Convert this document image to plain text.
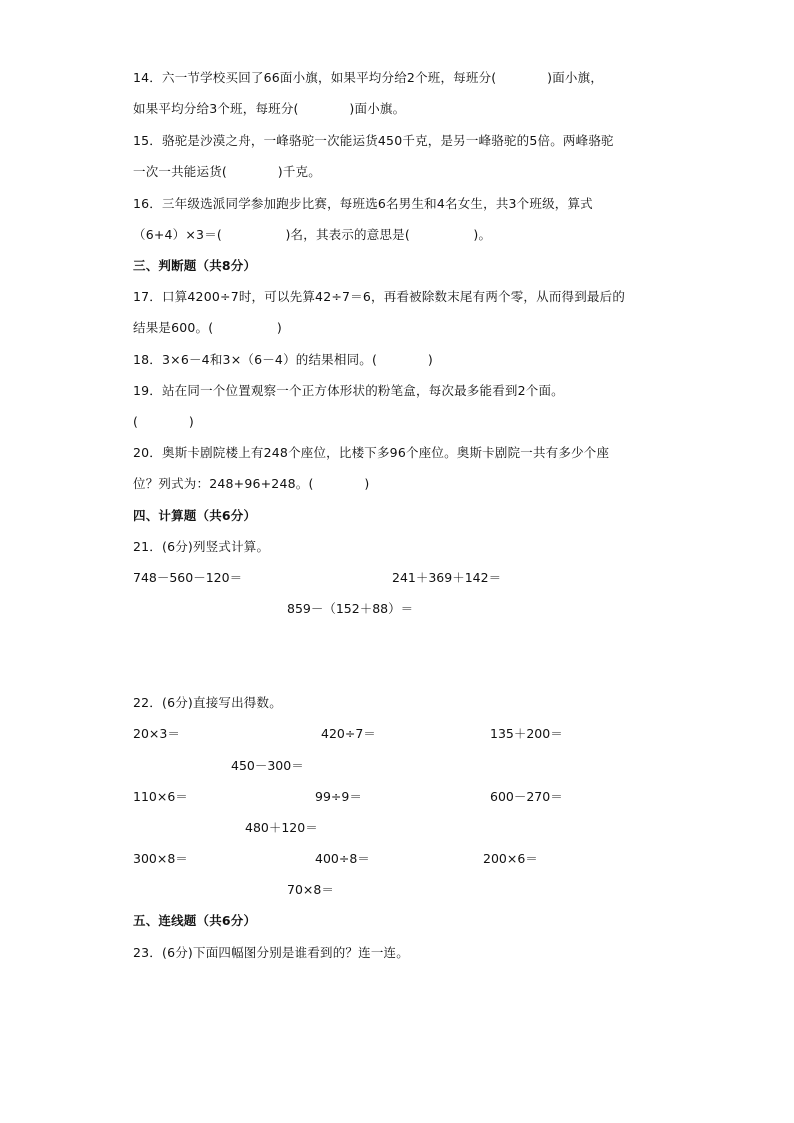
14．六一节学校买回了66面小旗，如果平均分给2个班，每班分(　　　　)面小旗，
如果平均分给3个班，每班分(　　　　)面小旗。
15．骆驼是沙漠之舟，一峰骆驼一次能运货450千克，是另一峰骆驼的5倍。两峰骆驼
一次一共能运货(　　　　)千克。
16．三年级选派同学参加跑步比赛，每班选6名男生和4名女生，共3个班级，算式
（6+4）×3＝(　　　　　)名，其表示的意思是(　　　　　)。
三、判断题（共8分）
17．口算4200÷7时，可以先算42÷7＝6，再看被除数末尾有两个零，从而得到最后的
结果是600。(　　　　　)
18．3×6－4和3×（6－4）的结果相同。(　　　　)
19．站在同一个位置观察一个正方体形状的粉笔盒，每次最多能看到2个面。
(　　　　)
20．奥斯卡剧院楼上有248个座位，比楼下多96个座位。奥斯卡剧院一共有多少个座
位？列式为：248+96+248。(　　　　)
四、计算题（共6分）
21．(6分)列竖式计算。
748－560－120＝	241＋369＋142＝
859－（152＋88）＝
22．(6分)直接写出得数。
20×3＝	420÷7＝	135＋200＝
450－300＝
110×6＝	99÷9＝	600－270＝
480＋120＝
300×8＝	400÷8＝	200×6＝
70×8＝
五、连线题（共6分）
23．(6分)下面四幅图分别是谁看到的？连一连。
